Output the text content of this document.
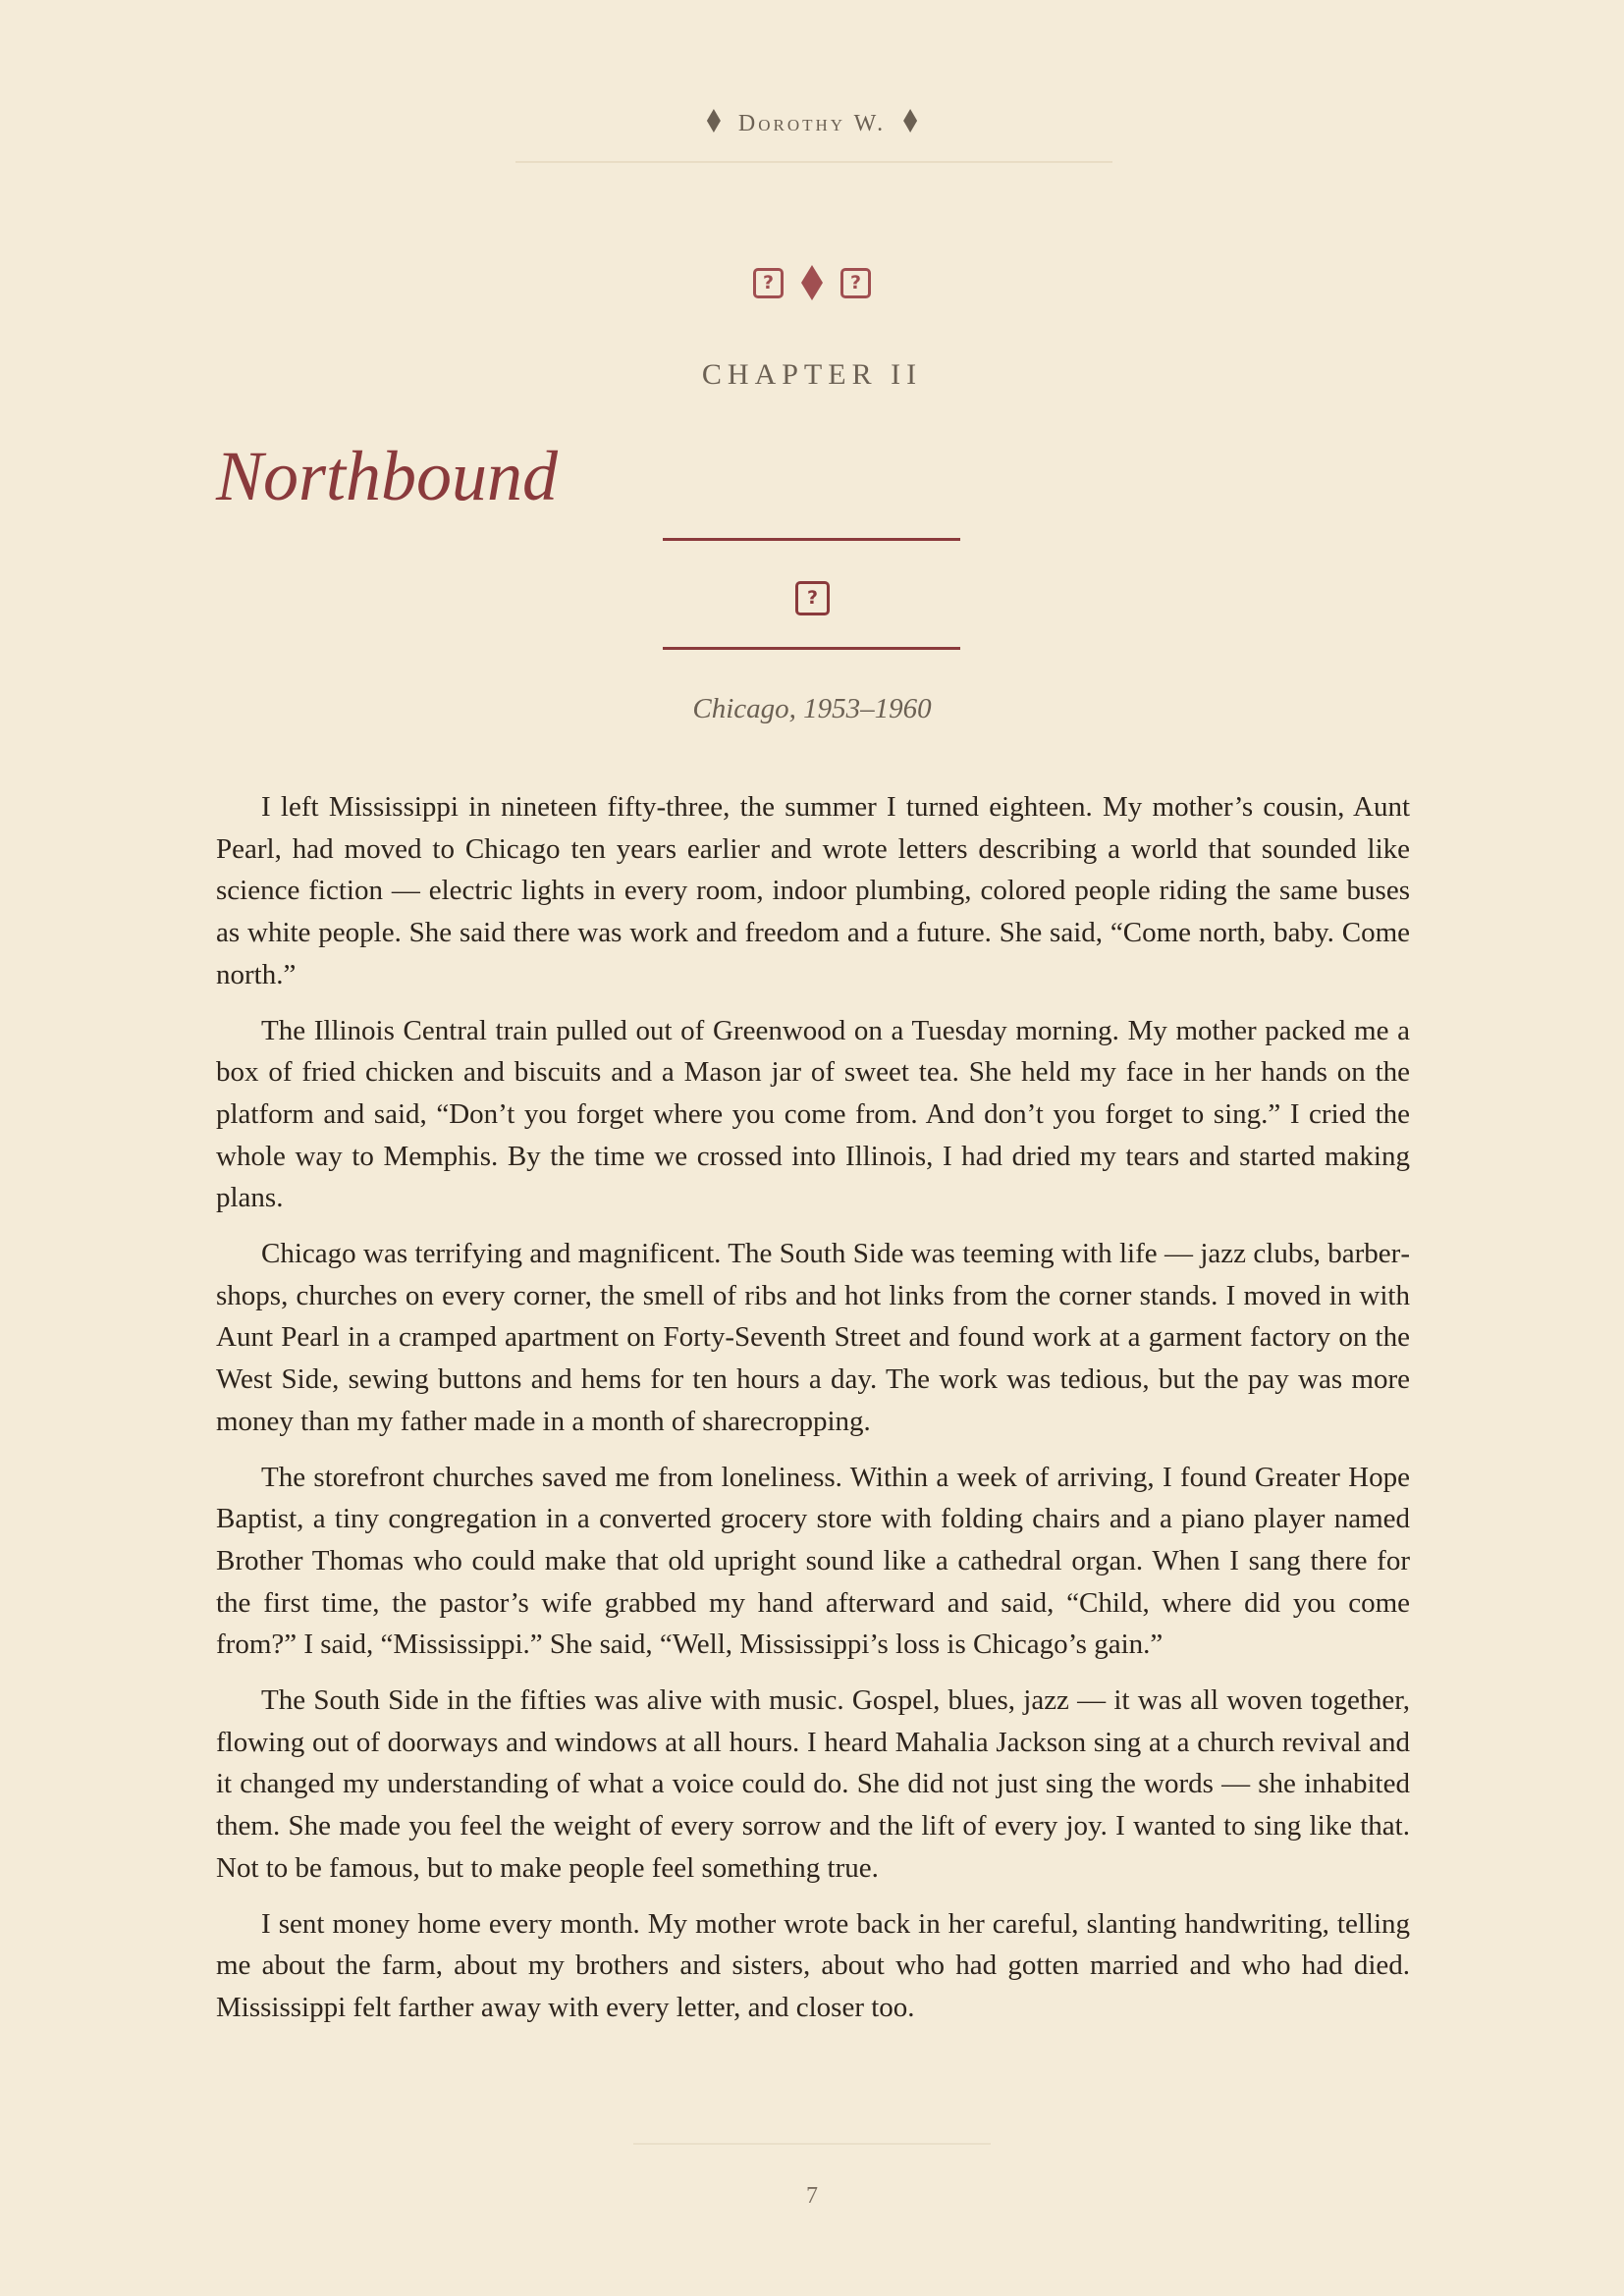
Dorothy W.
?	?
CHAPTER II
Northbound
?
Chicago, 1953–1960

I left Mississippi in nineteen fifty-three, the summer I turned eighteen. My mother’s cousin, Aunt Pearl, had moved to Chicago ten years earlier and wrote letters describing a world that sounded like science fiction — electric lights in every room, indoor plumbing, colored people riding the same buses as white people. She said there was work and freedom and a future. She said, “Come north, baby. Come north.”

The Illinois Central train pulled out of Greenwood on a Tuesday morning. My mother packed me a box of fried chicken and biscuits and a Mason jar of sweet tea. She held my face in her hands on the platform and said, “Don’t you forget where you come from. And don’t you forget to sing.” I cried the whole way to Memphis. By the time we crossed into Illinois, I had dried my tears and started making plans.

Chicago was terrifying and magnificent. The South Side was teeming with life — jazz clubs, barbershops, churches on every corner, the smell of ribs and hot links from the corner stands. I moved in with Aunt Pearl in a cramped apartment on Forty-Seventh Street and found work at a garment factory on the West Side, sewing buttons and hems for ten hours a day. The work was tedious, but the pay was more money than my father made in a month of sharecropping.

The storefront churches saved me from loneliness. Within a week of arriving, I found Greater Hope Baptist, a tiny congregation in a converted grocery store with folding chairs and a piano player named Brother Thomas who could make that old upright sound like a cathedral organ. When I sang there for the first time, the pastor’s wife grabbed my hand afterward and said, “Child, where did you come from?” I said, “Mississippi.” She said, “Well, Mississippi’s loss is Chicago’s gain.”

The South Side in the fifties was alive with music. Gospel, blues, jazz — it was all woven together, flowing out of doorways and windows at all hours. I heard Mahalia Jackson sing at a church revival and it changed my understanding of what a voice could do. She did not just sing the words — she inhabited them. She made you feel the weight of every sorrow and the lift of every joy. I wanted to sing like that. Not to be famous, but to make people feel something true.

I sent money home every month. My mother wrote back in her careful, slanting handwriting, telling me about the farm, about my brothers and sisters, about who had gotten married and who had died. Mississippi felt farther away with every letter, and closer too.

7
